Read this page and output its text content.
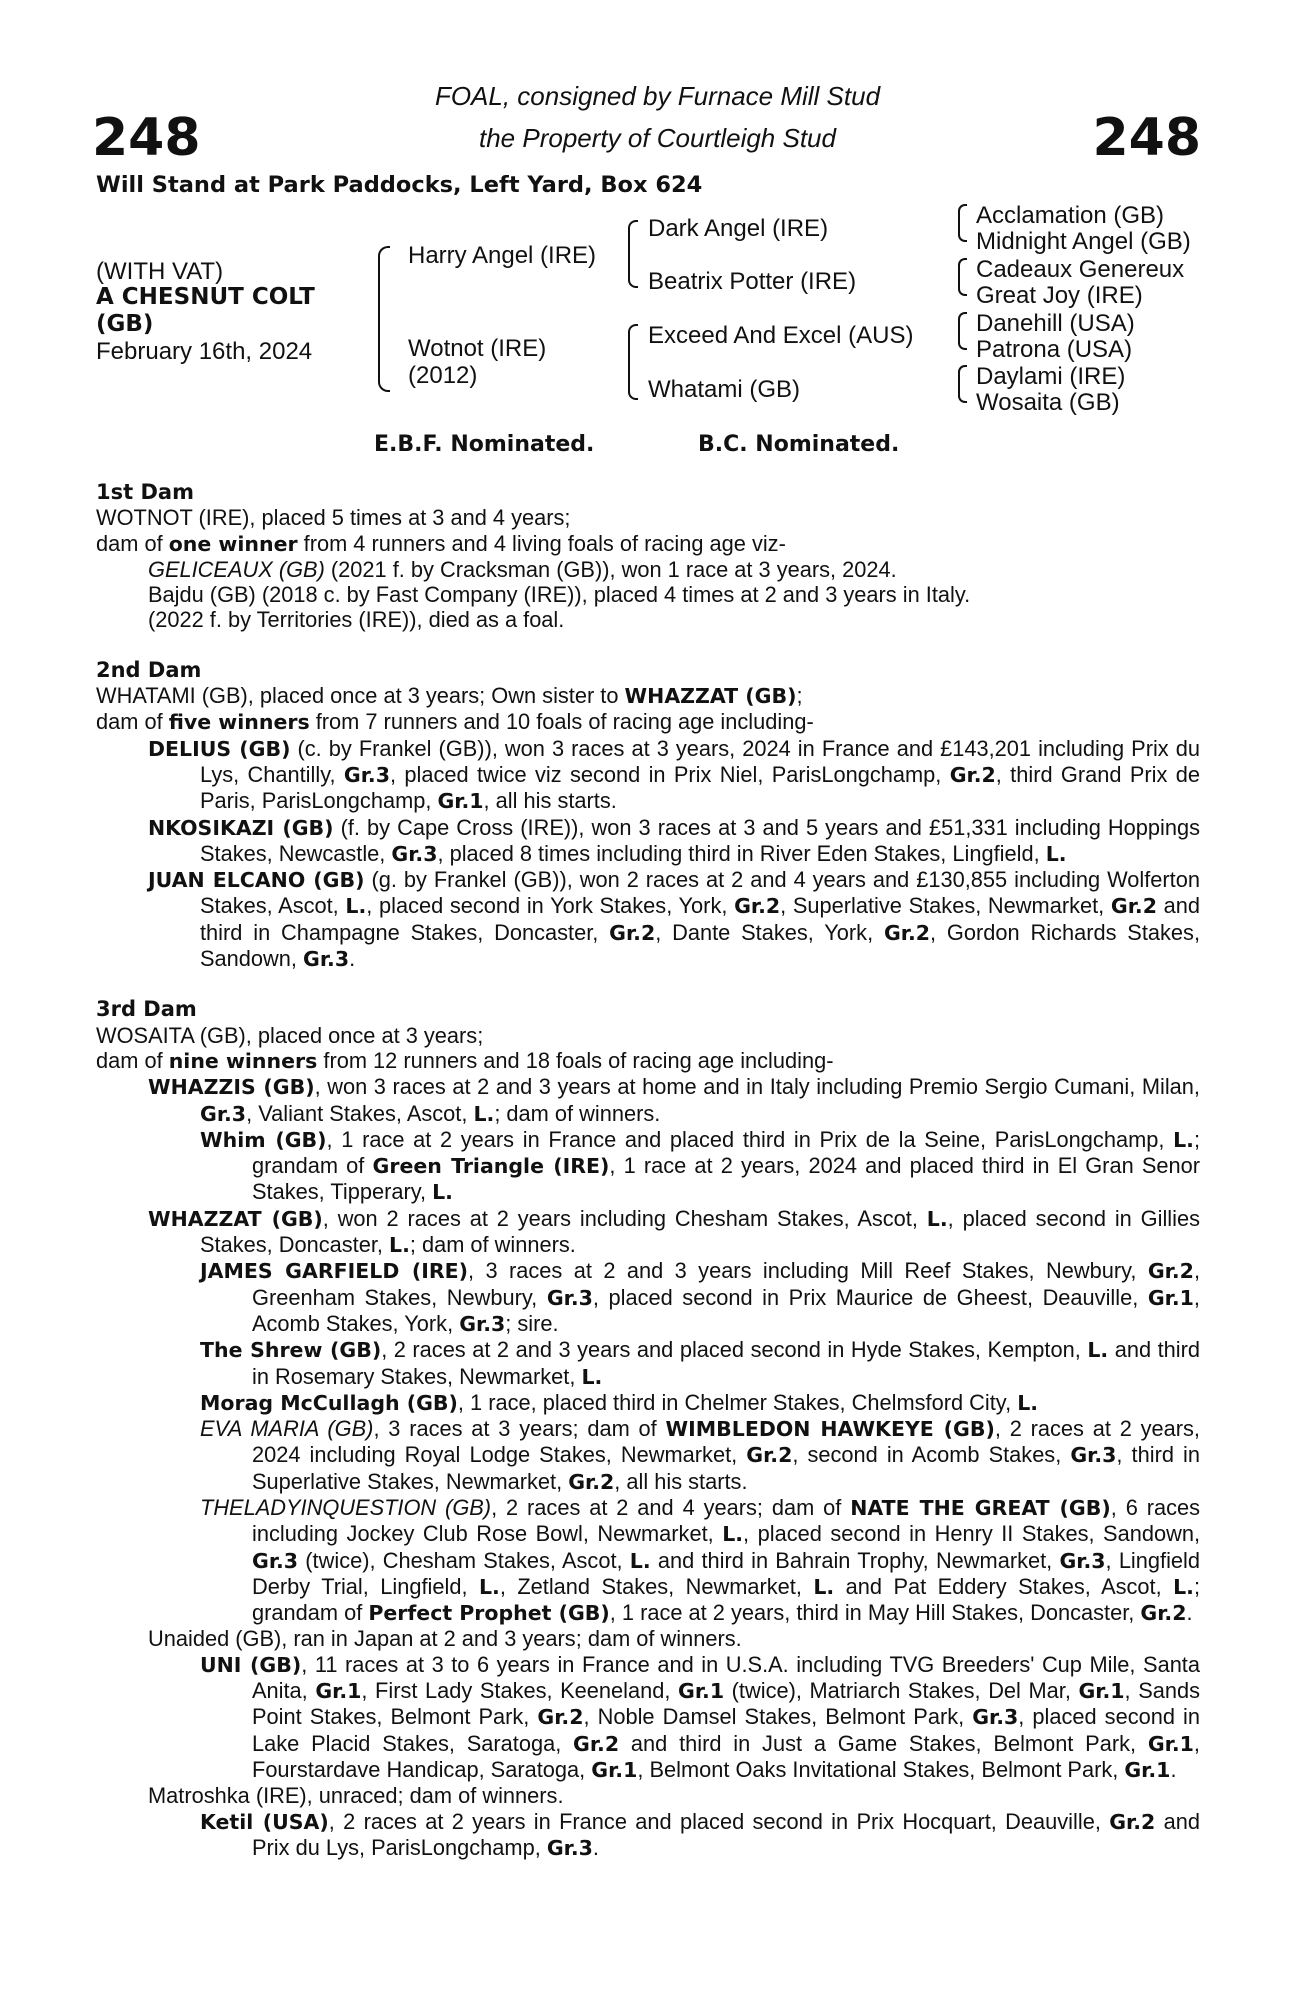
248	248
FOAL, consigned by Furnace Mill Stud
the Property of Courtleigh Stud
Will Stand at Park Paddocks, Left Yard, Box 624
(WITH VAT)
A CHESNUT COLT
(GB)
February 16th, 2024
Harry Angel (IRE)
Wotnot (IRE)
(2012)
Dark Angel (IRE)
Beatrix Potter (IRE)
Exceed And Excel (AUS)
Whatami (GB)
Acclamation (GB)
Midnight Angel (GB)
Cadeaux Genereux
Great Joy (IRE)
Danehill (USA)
Patrona (USA)
Daylami (IRE)
Wosaita (GB)
E.B.F. Nominated.	B.C. Nominated.
1st Dam

WOTNOT (IRE), placed 5 times at 3 and 4 years;

dam of one winner from 4 runners and 4 living foals of racing age viz-

GELICEAUX (GB) (2021 f. by Cracksman (GB)), won 1 race at 3 years, 2024.

Bajdu (GB) (2018 c. by Fast Company (IRE)), placed 4 times at 2 and 3 years in Italy.

(2022 f. by Territories (IRE)), died as a foal.

2nd Dam

WHATAMI (GB), placed once at 3 years; Own sister to WHAZZAT (GB);

dam of five winners from 7 runners and 10 foals of racing age including-

DELIUS (GB) (c. by Frankel (GB)), won 3 races at 3 years, 2024 in France and £143,201 including Prix du Lys, Chantilly, Gr.3, placed twice viz second in Prix Niel, ParisLongchamp, Gr.2, third Grand Prix de Paris, ParisLongchamp, Gr.1, all his starts.

NKOSIKAZI (GB) (f. by Cape Cross (IRE)), won 3 races at 3 and 5 years and £51,331 including Hoppings Stakes, Newcastle, Gr.3, placed 8 times including third in River Eden Stakes, Lingfield, L.

JUAN ELCANO (GB) (g. by Frankel (GB)), won 2 races at 2 and 4 years and £130,855 including Wolferton Stakes, Ascot, L., placed second in York Stakes, York, Gr.2, Superlative Stakes, Newmarket, Gr.2 and third in Champagne Stakes, Doncaster, Gr.2, Dante Stakes, York, Gr.2, Gordon Richards Stakes, Sandown, Gr.3.

3rd Dam

WOSAITA (GB), placed once at 3 years;

dam of nine winners from 12 runners and 18 foals of racing age including-

WHAZZIS (GB), won 3 races at 2 and 3 years at home and in Italy including Premio Sergio Cumani, Milan, Gr.3, Valiant Stakes, Ascot, L.; dam of winners.

Whim (GB), 1 race at 2 years in France and placed third in Prix de la Seine, ParisLongchamp, L.; grandam of Green Triangle (IRE), 1 race at 2 years, 2024 and placed third in El Gran Senor Stakes, Tipperary, L.

WHAZZAT (GB), won 2 races at 2 years including Chesham Stakes, Ascot, L., placed second in Gillies Stakes, Doncaster, L.; dam of winners.

JAMES GARFIELD (IRE), 3 races at 2 and 3 years including Mill Reef Stakes, Newbury, Gr.2, Greenham Stakes, Newbury, Gr.3, placed second in Prix Maurice de Gheest, Deauville, Gr.1, Acomb Stakes, York, Gr.3; sire.

The Shrew (GB), 2 races at 2 and 3 years and placed second in Hyde Stakes, Kempton, L. and third in Rosemary Stakes, Newmarket, L.

Morag McCullagh (GB), 1 race, placed third in Chelmer Stakes, Chelmsford City, L.

EVA MARIA (GB), 3 races at 3 years; dam of WIMBLEDON HAWKEYE (GB), 2 races at 2 years, 2024 including Royal Lodge Stakes, Newmarket, Gr.2, second in Acomb Stakes, Gr.3, third in Superlative Stakes, Newmarket, Gr.2, all his starts.

THELADYINQUESTION (GB), 2 races at 2 and 4 years; dam of NATE THE GREAT (GB), 6 races including Jockey Club Rose Bowl, Newmarket, L., placed second in Henry II Stakes, Sandown, Gr.3 (twice), Chesham Stakes, Ascot, L. and third in Bahrain Trophy, Newmarket, Gr.3, Lingfield Derby Trial, Lingfield, L., Zetland Stakes, Newmarket, L. and Pat Eddery Stakes, Ascot, L.; grandam of Perfect Prophet (GB), 1 race at 2 years, third in May Hill Stakes, Doncaster, Gr.2.

Unaided (GB), ran in Japan at 2 and 3 years; dam of winners.

UNI (GB), 11 races at 3 to 6 years in France and in U.S.A. including TVG Breeders' Cup Mile, Santa Anita, Gr.1, First Lady Stakes, Keeneland, Gr.1 (twice), Matriarch Stakes, Del Mar, Gr.1, Sands Point Stakes, Belmont Park, Gr.2, Noble Damsel Stakes, Belmont Park, Gr.3, placed second in Lake Placid Stakes, Saratoga, Gr.2 and third in Just a Game Stakes, Belmont Park, Gr.1, Fourstardave Handicap, Saratoga, Gr.1, Belmont Oaks Invitational Stakes, Belmont Park, Gr.1.

Matroshka (IRE), unraced; dam of winners.

Ketil (USA), 2 races at 2 years in France and placed second in Prix Hocquart, Deauville, Gr.2 and Prix du Lys, ParisLongchamp, Gr.3.
